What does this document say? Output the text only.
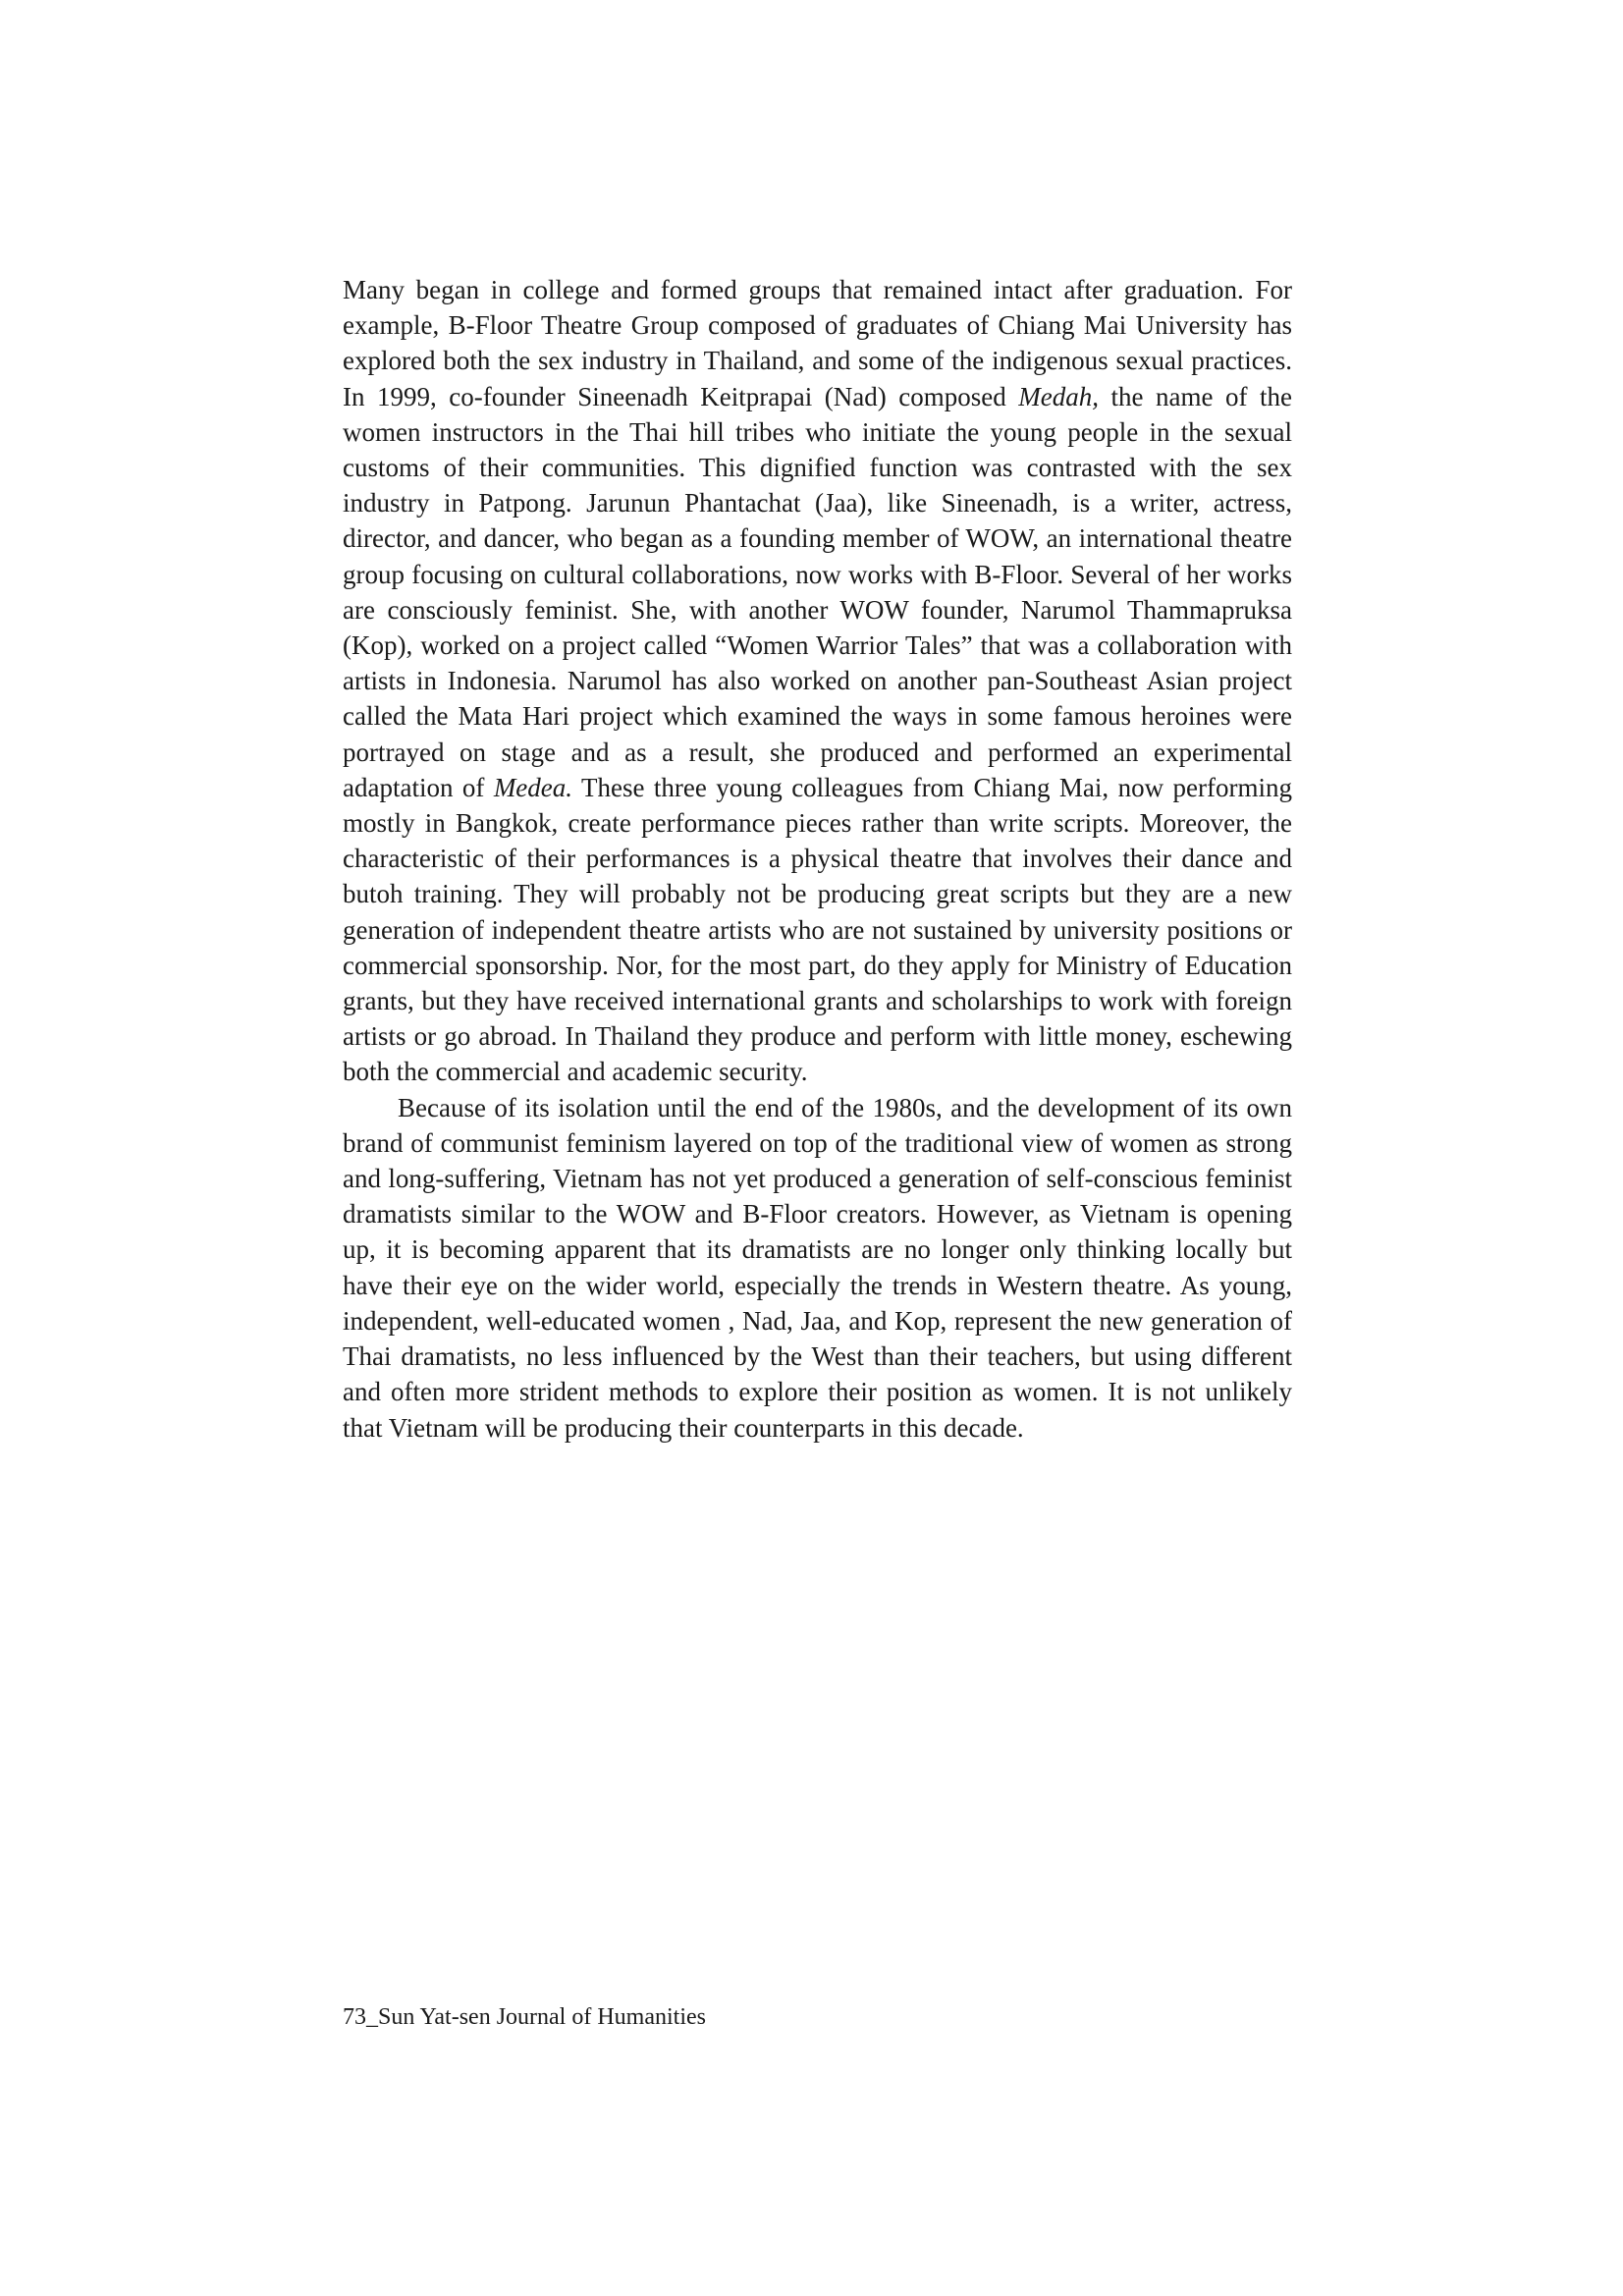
Many began in college and formed groups that remained intact after graduation. For example, B-Floor Theatre Group composed of graduates of Chiang Mai University has explored both the sex industry in Thailand, and some of the indigenous sexual practices. In 1999, co-founder Sineenadh Keitprapai (Nad) composed Medah, the name of the women instructors in the Thai hill tribes who initiate the young people in the sexual customs of their communities. This dignified function was contrasted with the sex industry in Patpong. Jarunun Phantachat (Jaa), like Sineenadh, is a writer, actress, director, and dancer, who began as a founding member of WOW, an international theatre group focusing on cultural collaborations, now works with B-Floor. Several of her works are consciously feminist. She, with another WOW founder, Narumol Thammapruksa (Kop), worked on a project called “Women Warrior Tales” that was a collaboration with artists in Indonesia. Narumol has also worked on another pan-Southeast Asian project called the Mata Hari project which examined the ways in some famous heroines were portrayed on stage and as a result, she produced and performed an experimental adaptation of Medea. These three young colleagues from Chiang Mai, now performing mostly in Bangkok, create performance pieces rather than write scripts. Moreover, the characteristic of their performances is a physical theatre that involves their dance and butoh training. They will probably not be producing great scripts but they are a new generation of independent theatre artists who are not sustained by university positions or commercial sponsorship. Nor, for the most part, do they apply for Ministry of Education grants, but they have received international grants and scholarships to work with foreign artists or go abroad. In Thailand they produce and perform with little money, eschewing both the commercial and academic security.

Because of its isolation until the end of the 1980s, and the development of its own brand of communist feminism layered on top of the traditional view of women as strong and long-suffering, Vietnam has not yet produced a generation of self-conscious feminist dramatists similar to the WOW and B-Floor creators. However, as Vietnam is opening up, it is becoming apparent that its dramatists are no longer only thinking locally but have their eye on the wider world, especially the trends in Western theatre. As young, independent, well-educated women , Nad, Jaa, and Kop, represent the new generation of Thai dramatists, no less influenced by the West than their teachers, but using different and often more strident methods to explore their position as women. It is not unlikely that Vietnam will be producing their counterparts in this decade.

73_Sun Yat-sen Journal of Humanities
